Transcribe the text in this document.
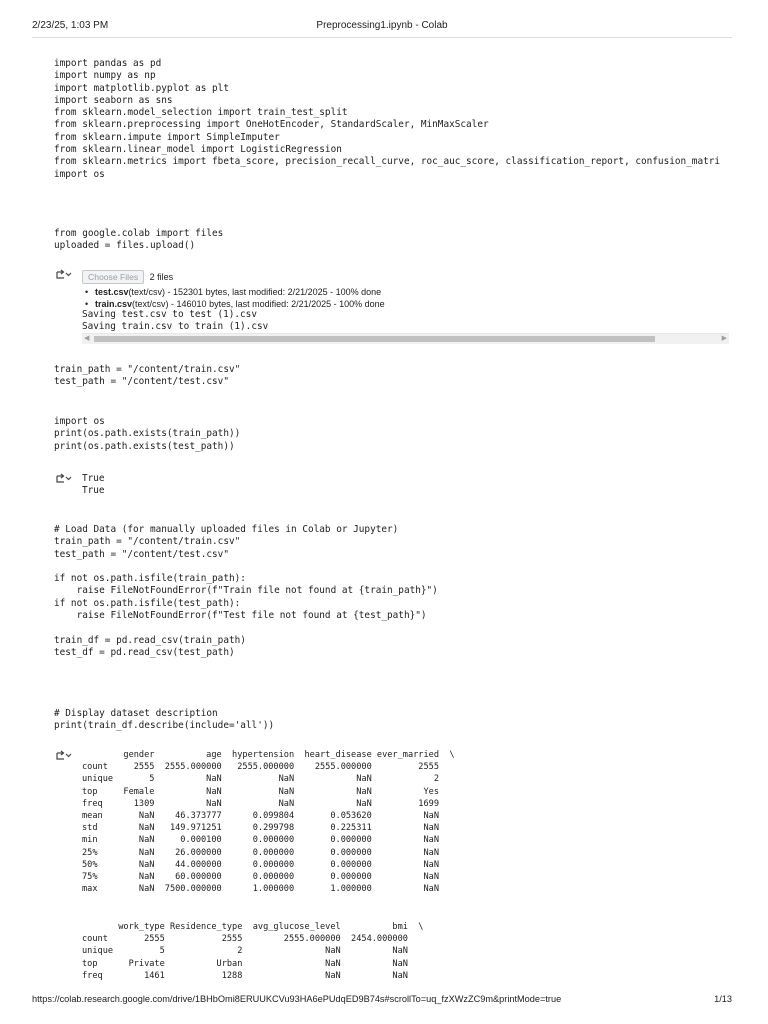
2/23/25, 1:03 PM	Preprocessing1.ipynb - Colab
import pandas as pd
import numpy as np
import matplotlib.pyplot as plt
import seaborn as sns
from sklearn.model_selection import train_test_split
from sklearn.preprocessing import OneHotEncoder, StandardScaler, MinMaxScaler
from sklearn.impute import SimpleImputer
from sklearn.linear_model import LogisticRegression
from sklearn.metrics import fbeta_score, precision_recall_curve, roc_auc_score, classification_report, confusion_matri
import os
from google.colab import files
uploaded = files.upload()
Choose Files 2 files
• test.csv(text/csv) - 152301 bytes, last modified: 2/21/2025 - 100% done
• train.csv(text/csv) - 146010 bytes, last modified: 2/21/2025 - 100% done
Saving test.csv to test (1).csv
Saving train.csv to train (1).csv
◀	▶
train_path = "/content/train.csv"
test_path = "/content/test.csv"
import os
print(os.path.exists(train_path))
print(os.path.exists(test_path))
True
True
# Load Data (for manually uploaded files in Colab or Jupyter)
train_path = "/content/train.csv"
test_path = "/content/test.csv"

if not os.path.isfile(train_path):
raise FileNotFoundError(f"Train file not found at {train_path}")
if not os.path.isfile(test_path):
raise FileNotFoundError(f"Test file not found at {test_path}")

train_df = pd.read_csv(train_path)
test_df = pd.read_csv(test_path)
# Display dataset description
print(train_df.describe(include='all'))
gender          age  hypertension  heart_disease ever_married  \
count     2555  2555.000000   2555.000000    2555.000000         2555
unique       5          NaN           NaN            NaN            2
top     Female          NaN           NaN            NaN          Yes
freq      1309          NaN           NaN            NaN         1699
mean       NaN    46.373777      0.099804       0.053620          NaN
std        NaN   149.971251      0.299798       0.225311          NaN
min        NaN     0.000100      0.000000       0.000000          NaN
25%        NaN    26.000000      0.000000       0.000000          NaN
50%        NaN    44.000000      0.000000       0.000000          NaN
75%        NaN    60.000000      0.000000       0.000000          NaN
max        NaN  7500.000000      1.000000       1.000000          NaN
work_type Residence_type  avg_glucose_level          bmi  \
count       2555           2555        2555.000000  2454.000000
unique         5              2                NaN          NaN
top      Private          Urban                NaN          NaN
freq        1461           1288                NaN          NaN
https://colab.research.google.com/drive/1BHbOmi8ERUUKCVu93HA6ePUdqED9B74s#scrollTo=uq_fzXWzZC9m&printMode=true	1/13
